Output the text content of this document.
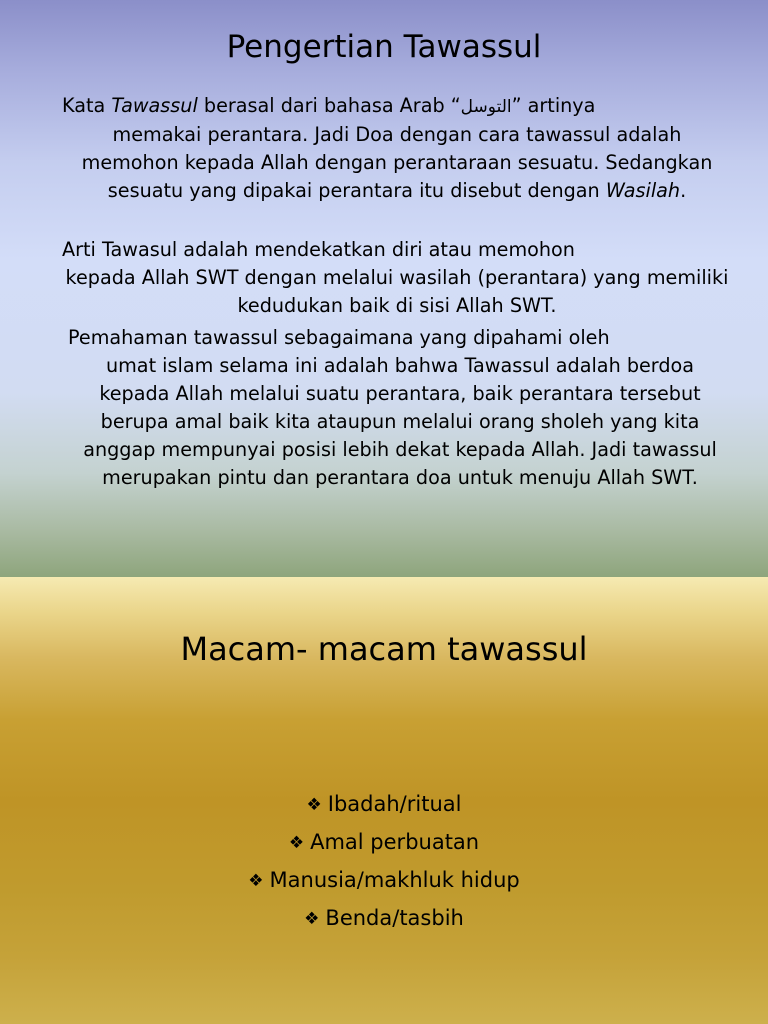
Pengertian Tawassul
Kata Tawassul berasal dari bahasa Arab “التوسل” artinya
memakai perantara. Jadi Doa dengan cara tawassul adalah memohon kepada Allah dengan perantaraan sesuatu. Sedangkan sesuatu yang dipakai perantara itu disebut dengan Wasilah.
Arti Tawasul adalah mendekatkan diri atau memohon
kepada Allah SWT dengan melalui wasilah (perantara) yang memiliki kedudukan baik di sisi Allah SWT.
Pemahaman tawassul sebagaimana yang dipahami oleh
umat islam selama ini adalah bahwa Tawassul adalah berdoa kepada Allah melalui suatu perantara, baik perantara tersebut berupa amal baik kita ataupun melalui orang sholeh yang kita anggap mempunyai posisi lebih dekat kepada Allah. Jadi tawassul merupakan pintu dan perantara doa untuk menuju Allah SWT.
Macam- macam tawassul
❖ Ibadah/ritual
❖ Amal perbuatan
❖ Manusia/makhluk hidup
❖ Benda/tasbih
